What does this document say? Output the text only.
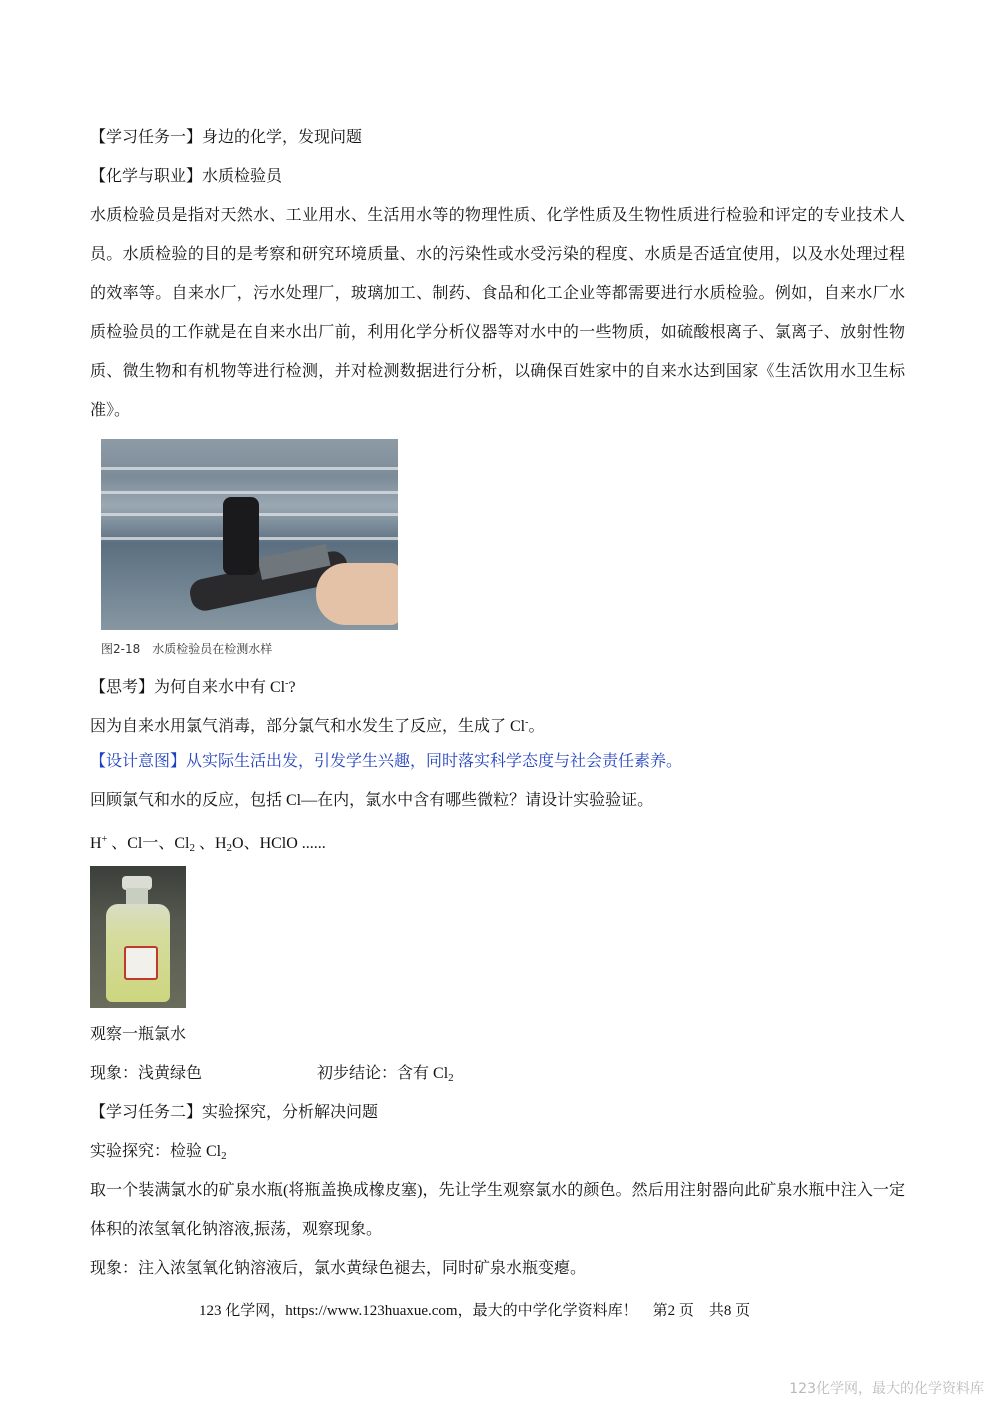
【学习任务一】身边的化学，发现问题
【化学与职业】水质检验员
水质检验员是指对天然水、工业用水、生活用水等的物理性质、化学性质及生物性质进行检验和评定的专业技术人员。水质检验的目的是考察和研究环境质量、水的污染性或水受污染的程度、水质是否适宜使用，以及水处理过程的效率等。自来水厂，污水处理厂，玻璃加工、制药、食品和化工企业等都需要进行水质检验。例如，自来水厂水质检验员的工作就是在自来水出厂前，利用化学分析仪器等对水中的一些物质，如硫酸根离子、氯离子、放射性物质、微生物和有机物等进行检测，并对检测数据进行分析，以确保百姓家中的自来水达到国家《生活饮用水卫生标准》。
图2-18　水质检验员在检测水样
【思考】为何自来水中有 Cl-?
因为自来水用氯气消毒，部分氯气和水发生了反应，生成了 Cl-。
【设计意图】从实际生活出发，引发学生兴趣，同时落实科学态度与社会责任素养。
回顾氯气和水的反应，包括 Cl—在内，氯水中含有哪些微粒？请设计实验验证。
H+ 、Cl一、$Cl_2$ 、$H_2O$、HClO ......
观察一瓶氯水
现象：浅黄绿色	初步结论：含有 $Cl_2$
【学习任务二】实验探究，分析解决问题
实验探究：检验 $Cl_2$
取一个装满氯水的矿泉水瓶(将瓶盖换成橡皮塞)，先让学生观察氯水的颜色。然后用注射器向此矿泉水瓶中注入一定体积的浓氢氧化钠溶液,振荡，观察现象。
现象：注入浓氢氧化钠溶液后，氯水黄绿色褪去，同时矿泉水瓶变瘪。
123 化学网，https://www.123huaxue.com，最大的中学化学资料库！　第2 页　共8 页
123化学网，最大的化学资料库
